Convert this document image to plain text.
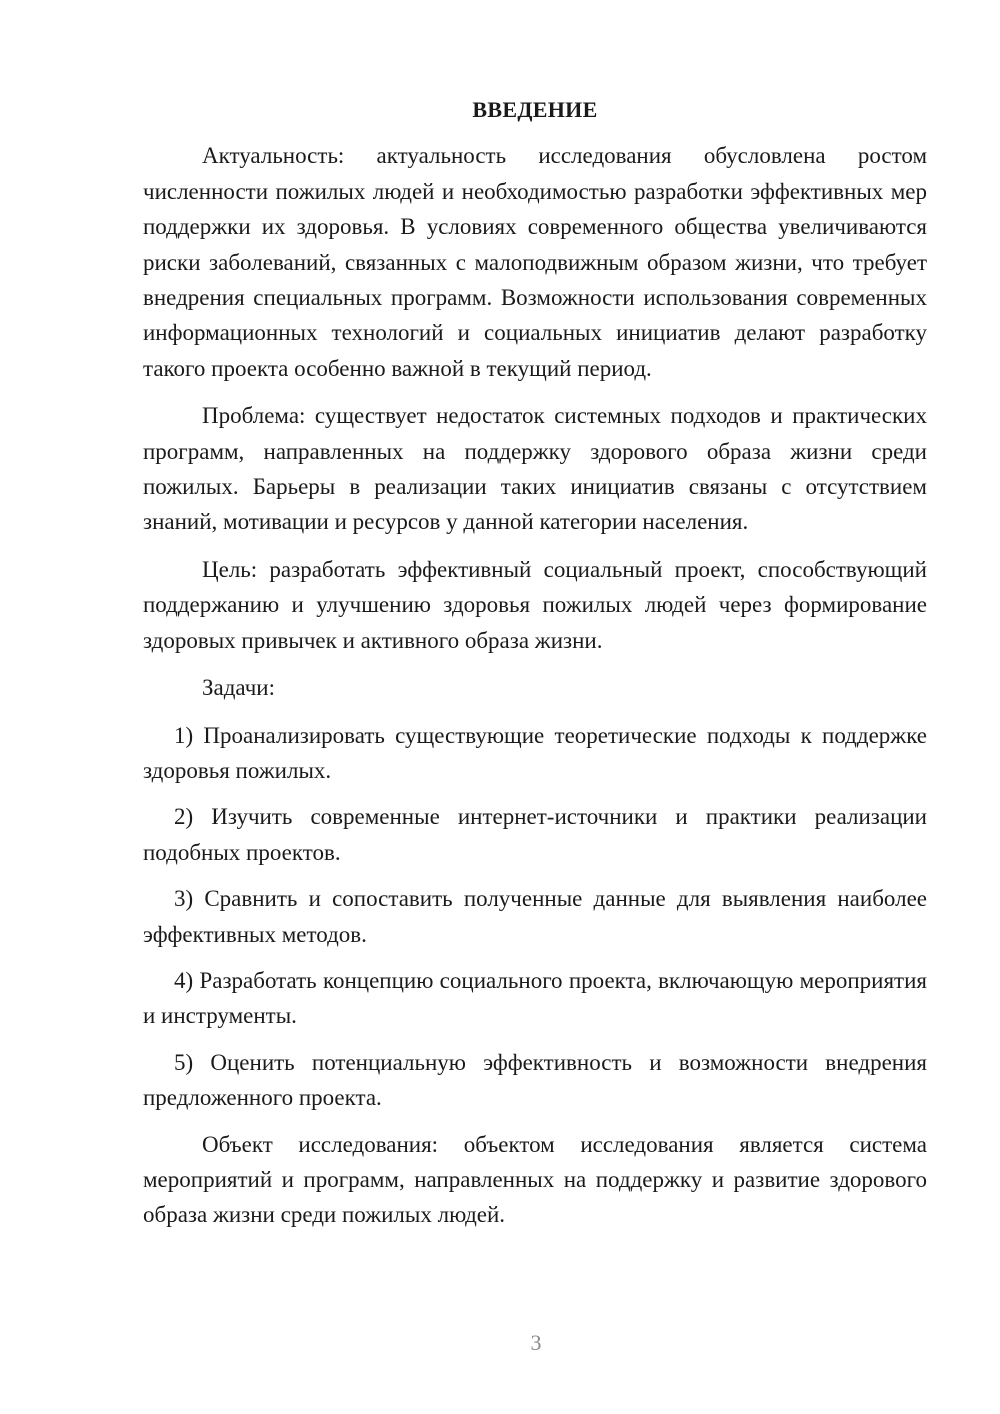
ВВЕДЕНИЕ

Актуальность: актуальность исследования обусловлена ростом численности пожилых людей и необходимостью разработки эффективных мер поддержки их здоровья. В условиях современного общества увеличиваются риски заболеваний, связанных с малоподвижным образом жизни, что требует внедрения специальных программ. Возможности использования современных информационных технологий и социальных инициатив делают разработку такого проекта особенно важной в текущий период.

Проблема: существует недостаток системных подходов и практических программ, направленных на поддержку здорового образа жизни среди пожилых. Барьеры в реализации таких инициатив связаны с отсутствием знаний, мотивации и ресурсов у данной категории населения.

Цель: разработать эффективный социальный проект, способствующий поддержанию и улучшению здоровья пожилых людей через формирование здоровых привычек и активного образа жизни.

Задачи:

1) Проанализировать существующие теоретические подходы к поддержке здоровья пожилых.

2) Изучить современные интернет-источники и практики реализации подобных проектов.

3) Сравнить и сопоставить полученные данные для выявления наиболее эффективных методов.

4) Разработать концепцию социального проекта, включающую мероприятия и инструменты.

5) Оценить потенциальную эффективность и возможности внедрения предложенного проекта.

Объект исследования: объектом исследования является система мероприятий и программ, направленных на поддержку и развитие здорового образа жизни среди пожилых людей.

3
